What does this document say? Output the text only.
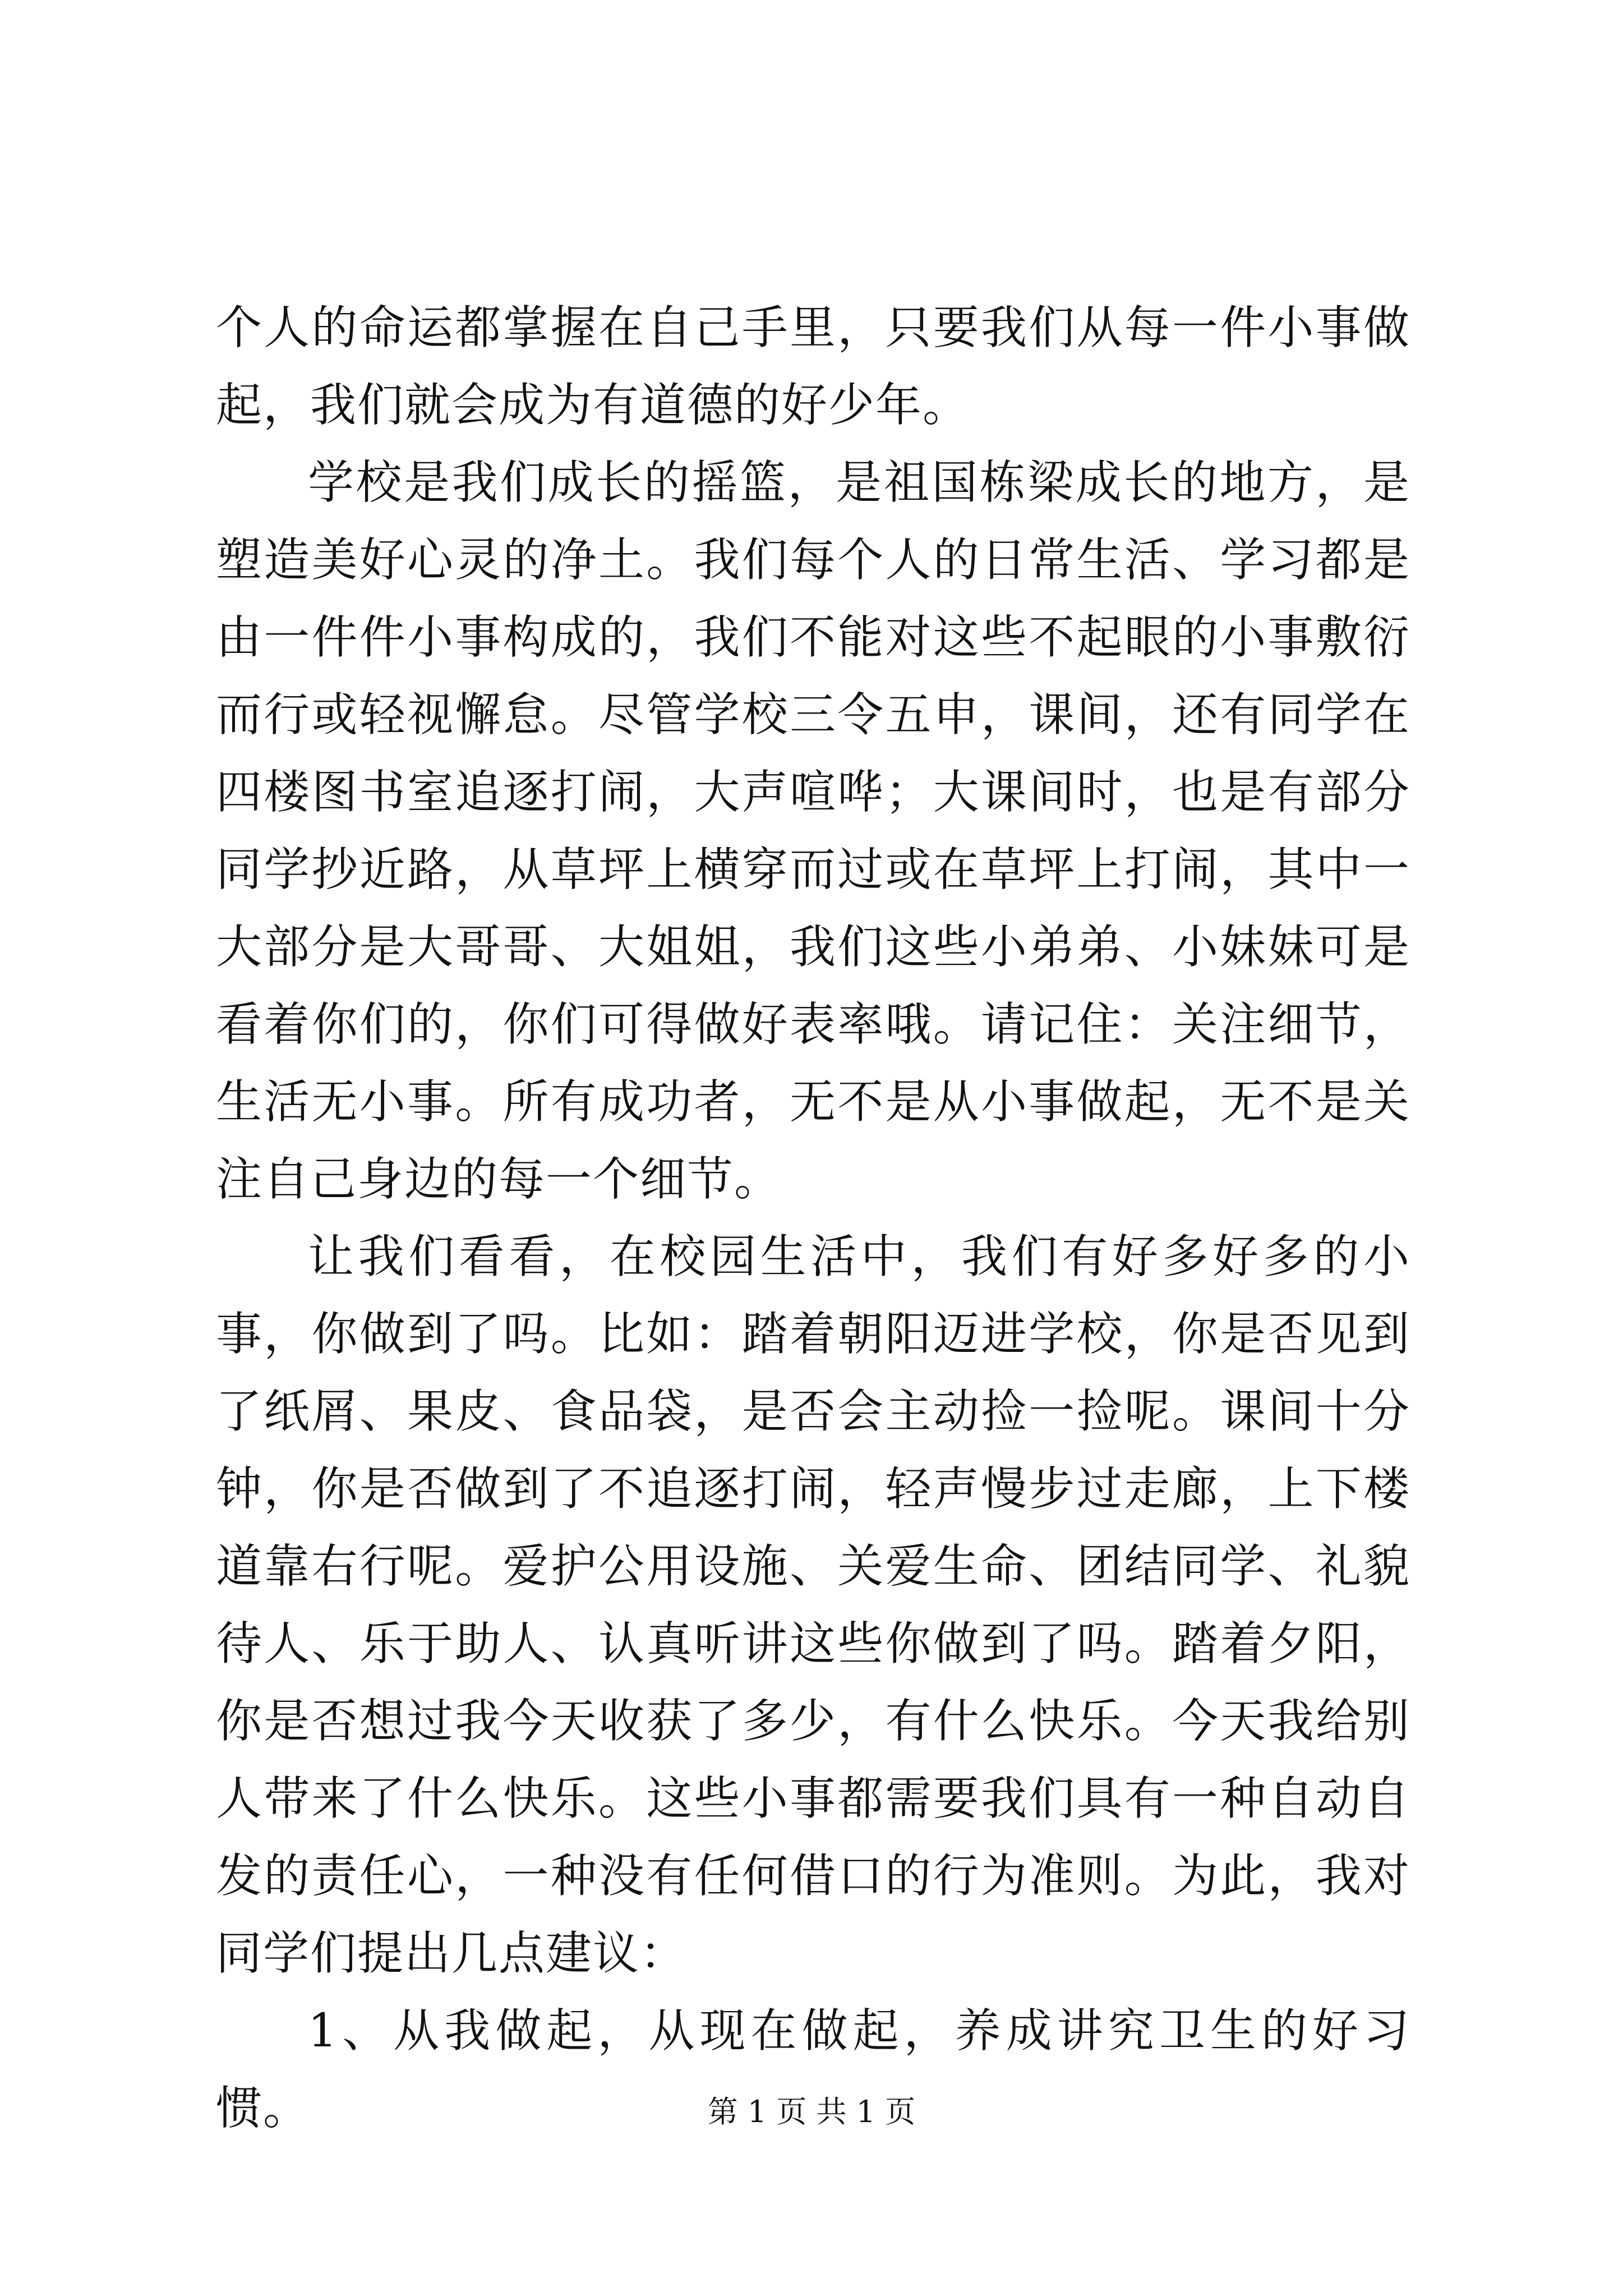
个人的命运都掌握在自己手里，只要我们从每一件小事做起，我们就会成为有道德的好少年。

学校是我们成长的摇篮，是祖国栋梁成长的地方，是塑造美好心灵的净土。我们每个人的日常生活、学习都是由一件件小事构成的，我们不能对这些不起眼的小事敷衍而行或轻视懈怠。尽管学校三令五申，课间，还有同学在四楼图书室追逐打闹，大声喧哗；大课间时，也是有部分同学抄近路，从草坪上横穿而过或在草坪上打闹，其中一大部分是大哥哥、大姐姐，我们这些小弟弟、小妹妹可是看着你们的，你们可得做好表率哦。请记住：关注细节，生活无小事。所有成功者，无不是从小事做起，无不是关注自己身边的每一个细节。

让我们看看，在校园生活中，我们有好多好多的小事，你做到了吗。比如：踏着朝阳迈进学校，你是否见到了纸屑、果皮、食品袋，是否会主动捡一捡呢。课间十分钟，你是否做到了不追逐打闹，轻声慢步过走廊，上下楼道靠右行呢。爱护公用设施、关爱生命、团结同学、礼貌待人、乐于助人、认真听讲这些你做到了吗。踏着夕阳，你是否想过我今天收获了多少，有什么快乐。今天我给别人带来了什么快乐。这些小事都需要我们具有一种自动自发的责任心，一种没有任何借口的行为准则。为此，我对同学们提出几点建议：

1、从我做起，从现在做起，养成讲究卫生的好习惯。	第 1 页 共 1 页
